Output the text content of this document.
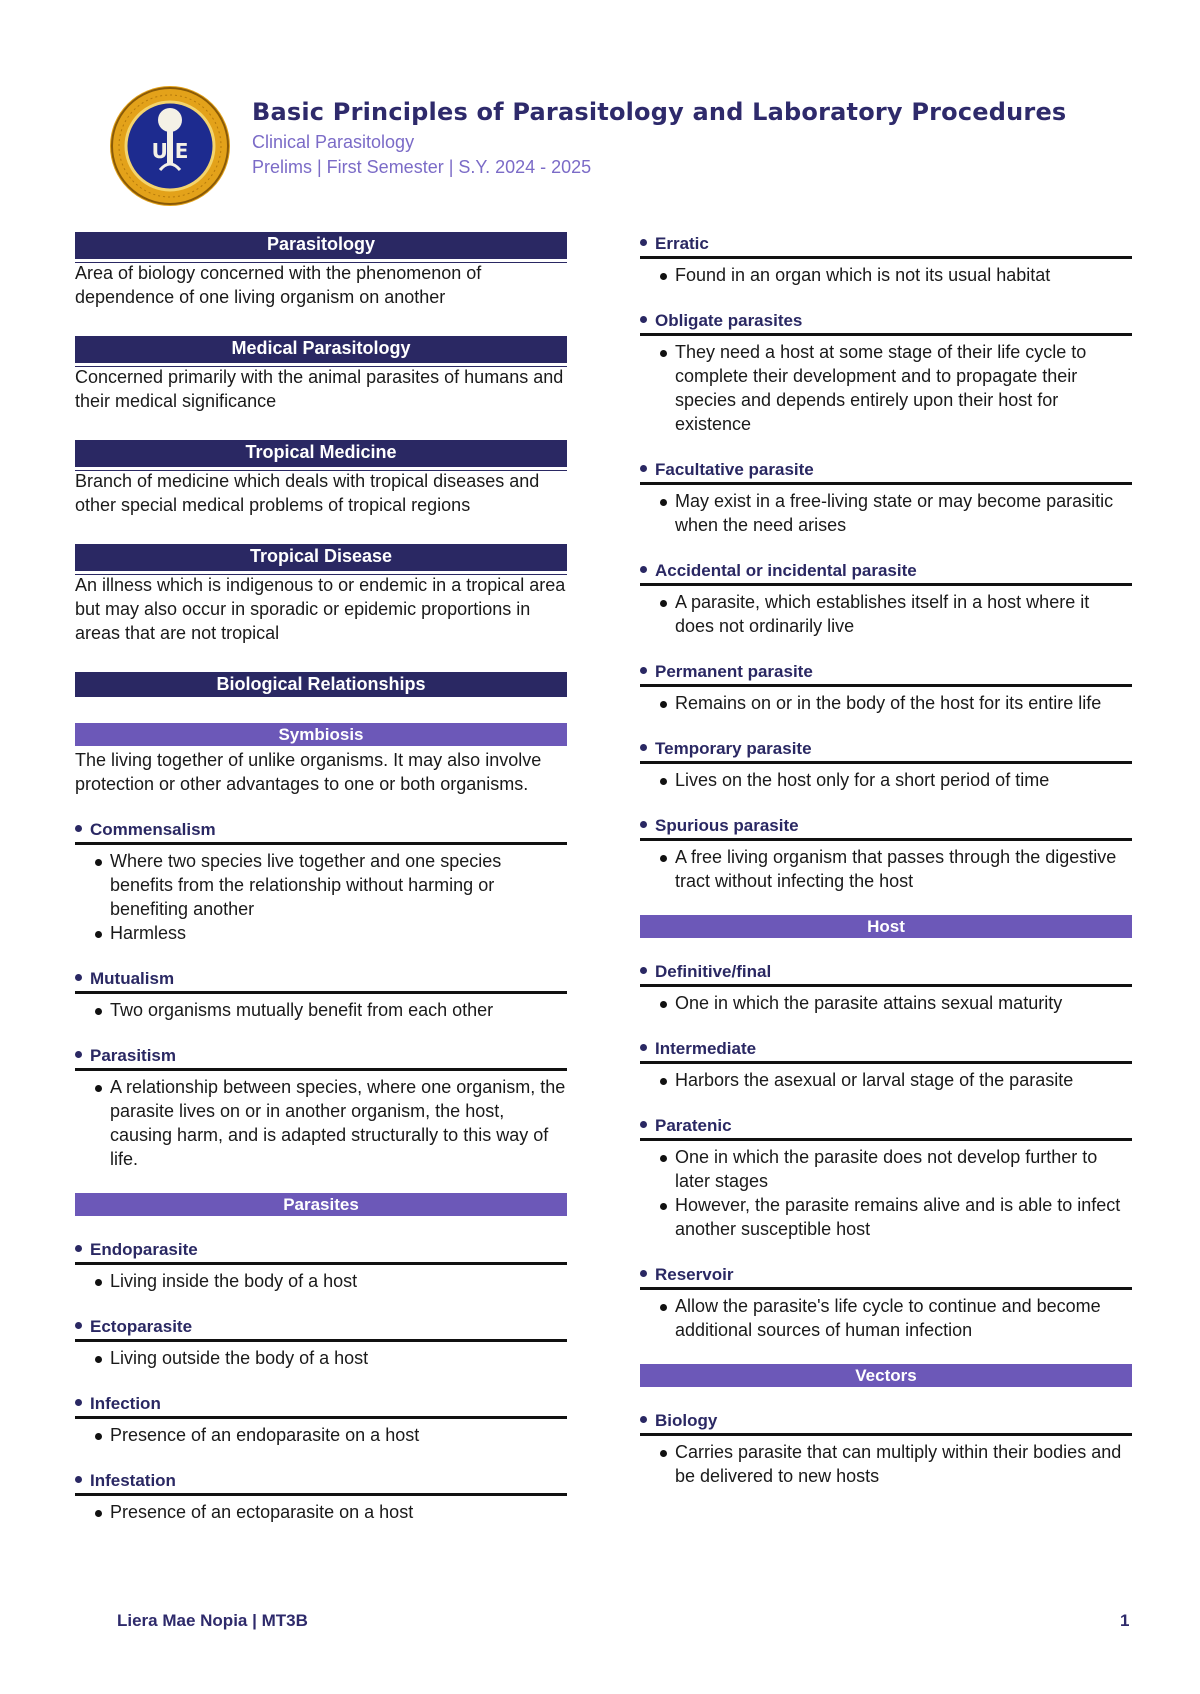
U E
Basic Principles of Parasitology and Laboratory Procedures
Clinical Parasitology
Prelims | First Semester | S.Y. 2024 - 2025
Parasitology
Area of biology concerned with the phenomenon of dependence of one living organism on another
Medical Parasitology
Concerned primarily with the animal parasites of humans and their medical significance
Tropical Medicine
Branch of medicine which deals with tropical diseases and other special medical problems of tropical regions
Tropical Disease
An illness which is indigenous to or endemic in a tropical area but may also occur in sporadic or epidemic proportions in areas that are not tropical
Biological Relationships
Symbiosis
The living together of unlike organisms. It may also involve protection or other advantages to one or both organisms.
Commensalism
Where two species live together and one species benefits from the relationship without harming or benefiting another
Harmless
Mutualism
Two organisms mutually benefit from each other
Parasitism
A relationship between species, where one organism, the parasite lives on or in another organism, the host, causing harm, and is adapted structurally to this way of life.
Parasites
Endoparasite
Living inside the body of a host
Ectoparasite
Living outside the body of a host
Infection
Presence of an endoparasite on a host
Infestation
Presence of an ectoparasite on a host
Erratic
Found in an organ which is not its usual habitat
Obligate parasites
They need a host at some stage of their life cycle to complete their development and to propagate their species and depends entirely upon their host for existence
Facultative parasite
May exist in a free-living state or may become parasitic when the need arises
Accidental or incidental parasite
A parasite, which establishes itself in a host where it does not ordinarily live
Permanent parasite
Remains on or in the body of the host for its entire life
Temporary parasite
Lives on the host only for a short period of time
Spurious parasite
A free living organism that passes through the digestive tract without infecting the host
Host
Definitive/final
One in which the parasite attains sexual maturity
Intermediate
Harbors the asexual or larval stage of the parasite
Paratenic
One in which the parasite does not develop further to later stages
However, the parasite remains alive and is able to infect another susceptible host
Reservoir
Allow the parasite's life cycle to continue and become additional sources of human infection
Vectors
Biology
Carries parasite that can multiply within their bodies and be delivered to new hosts
Liera Mae Nopia | MT3B	1
